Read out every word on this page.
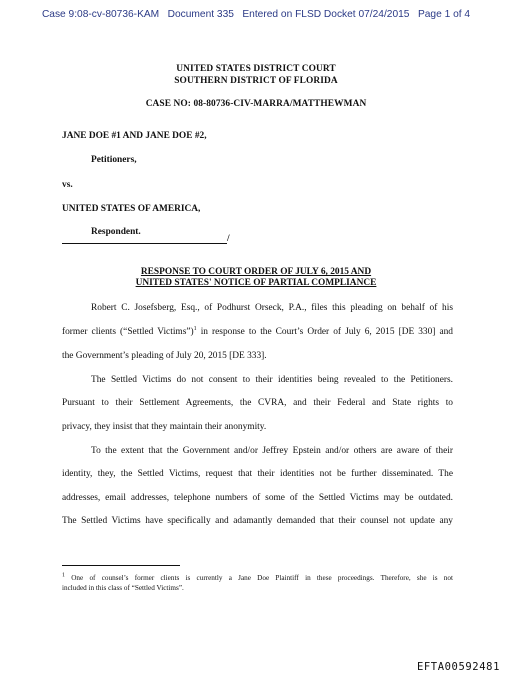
Case 9:08-cv-80736-KAM   Document 335   Entered on FLSD Docket 07/24/2015   Page 1 of 4
UNITED STATES DISTRICT COURT
SOUTHERN DISTRICT OF FLORIDA
CASE NO: 08-80736-CIV-MARRA/MATTHEWMAN
JANE DOE #1 AND JANE DOE #2,
Petitioners,
vs.
UNITED STATES OF AMERICA,
Respondent.
/
RESPONSE TO COURT ORDER OF JULY 6, 2015 AND
UNITED STATES' NOTICE OF PARTIAL COMPLIANCE
Robert C. Josefsberg, Esq., of Podhurst Orseck, P.A., files this pleading on behalf of his
former clients (“Settled Victims”)$^1$ in response to the Court’s Order of July 6, 2015 [DE 330] and
the Government’s pleading of July 20, 2015 [DE 333].
The Settled Victims do not consent to their identities being revealed to the Petitioners.
Pursuant to their Settlement Agreements, the CVRA, and their Federal and State rights to
privacy, they insist that they maintain their anonymity.
To the extent that the Government and/or Jeffrey Epstein and/or others are aware of their
identity, they, the Settled Victims, request that their identities not be further disseminated. The
addresses, email addresses, telephone numbers of some of the Settled Victims may be outdated.
The Settled Victims have specifically and adamantly demanded that their counsel not update any
$^1$ One of counsel’s former clients is currently a Jane Doe Plaintiff in these proceedings. Therefore, she is not
included in this class of “Settled Victims”.
EFTA00592481
